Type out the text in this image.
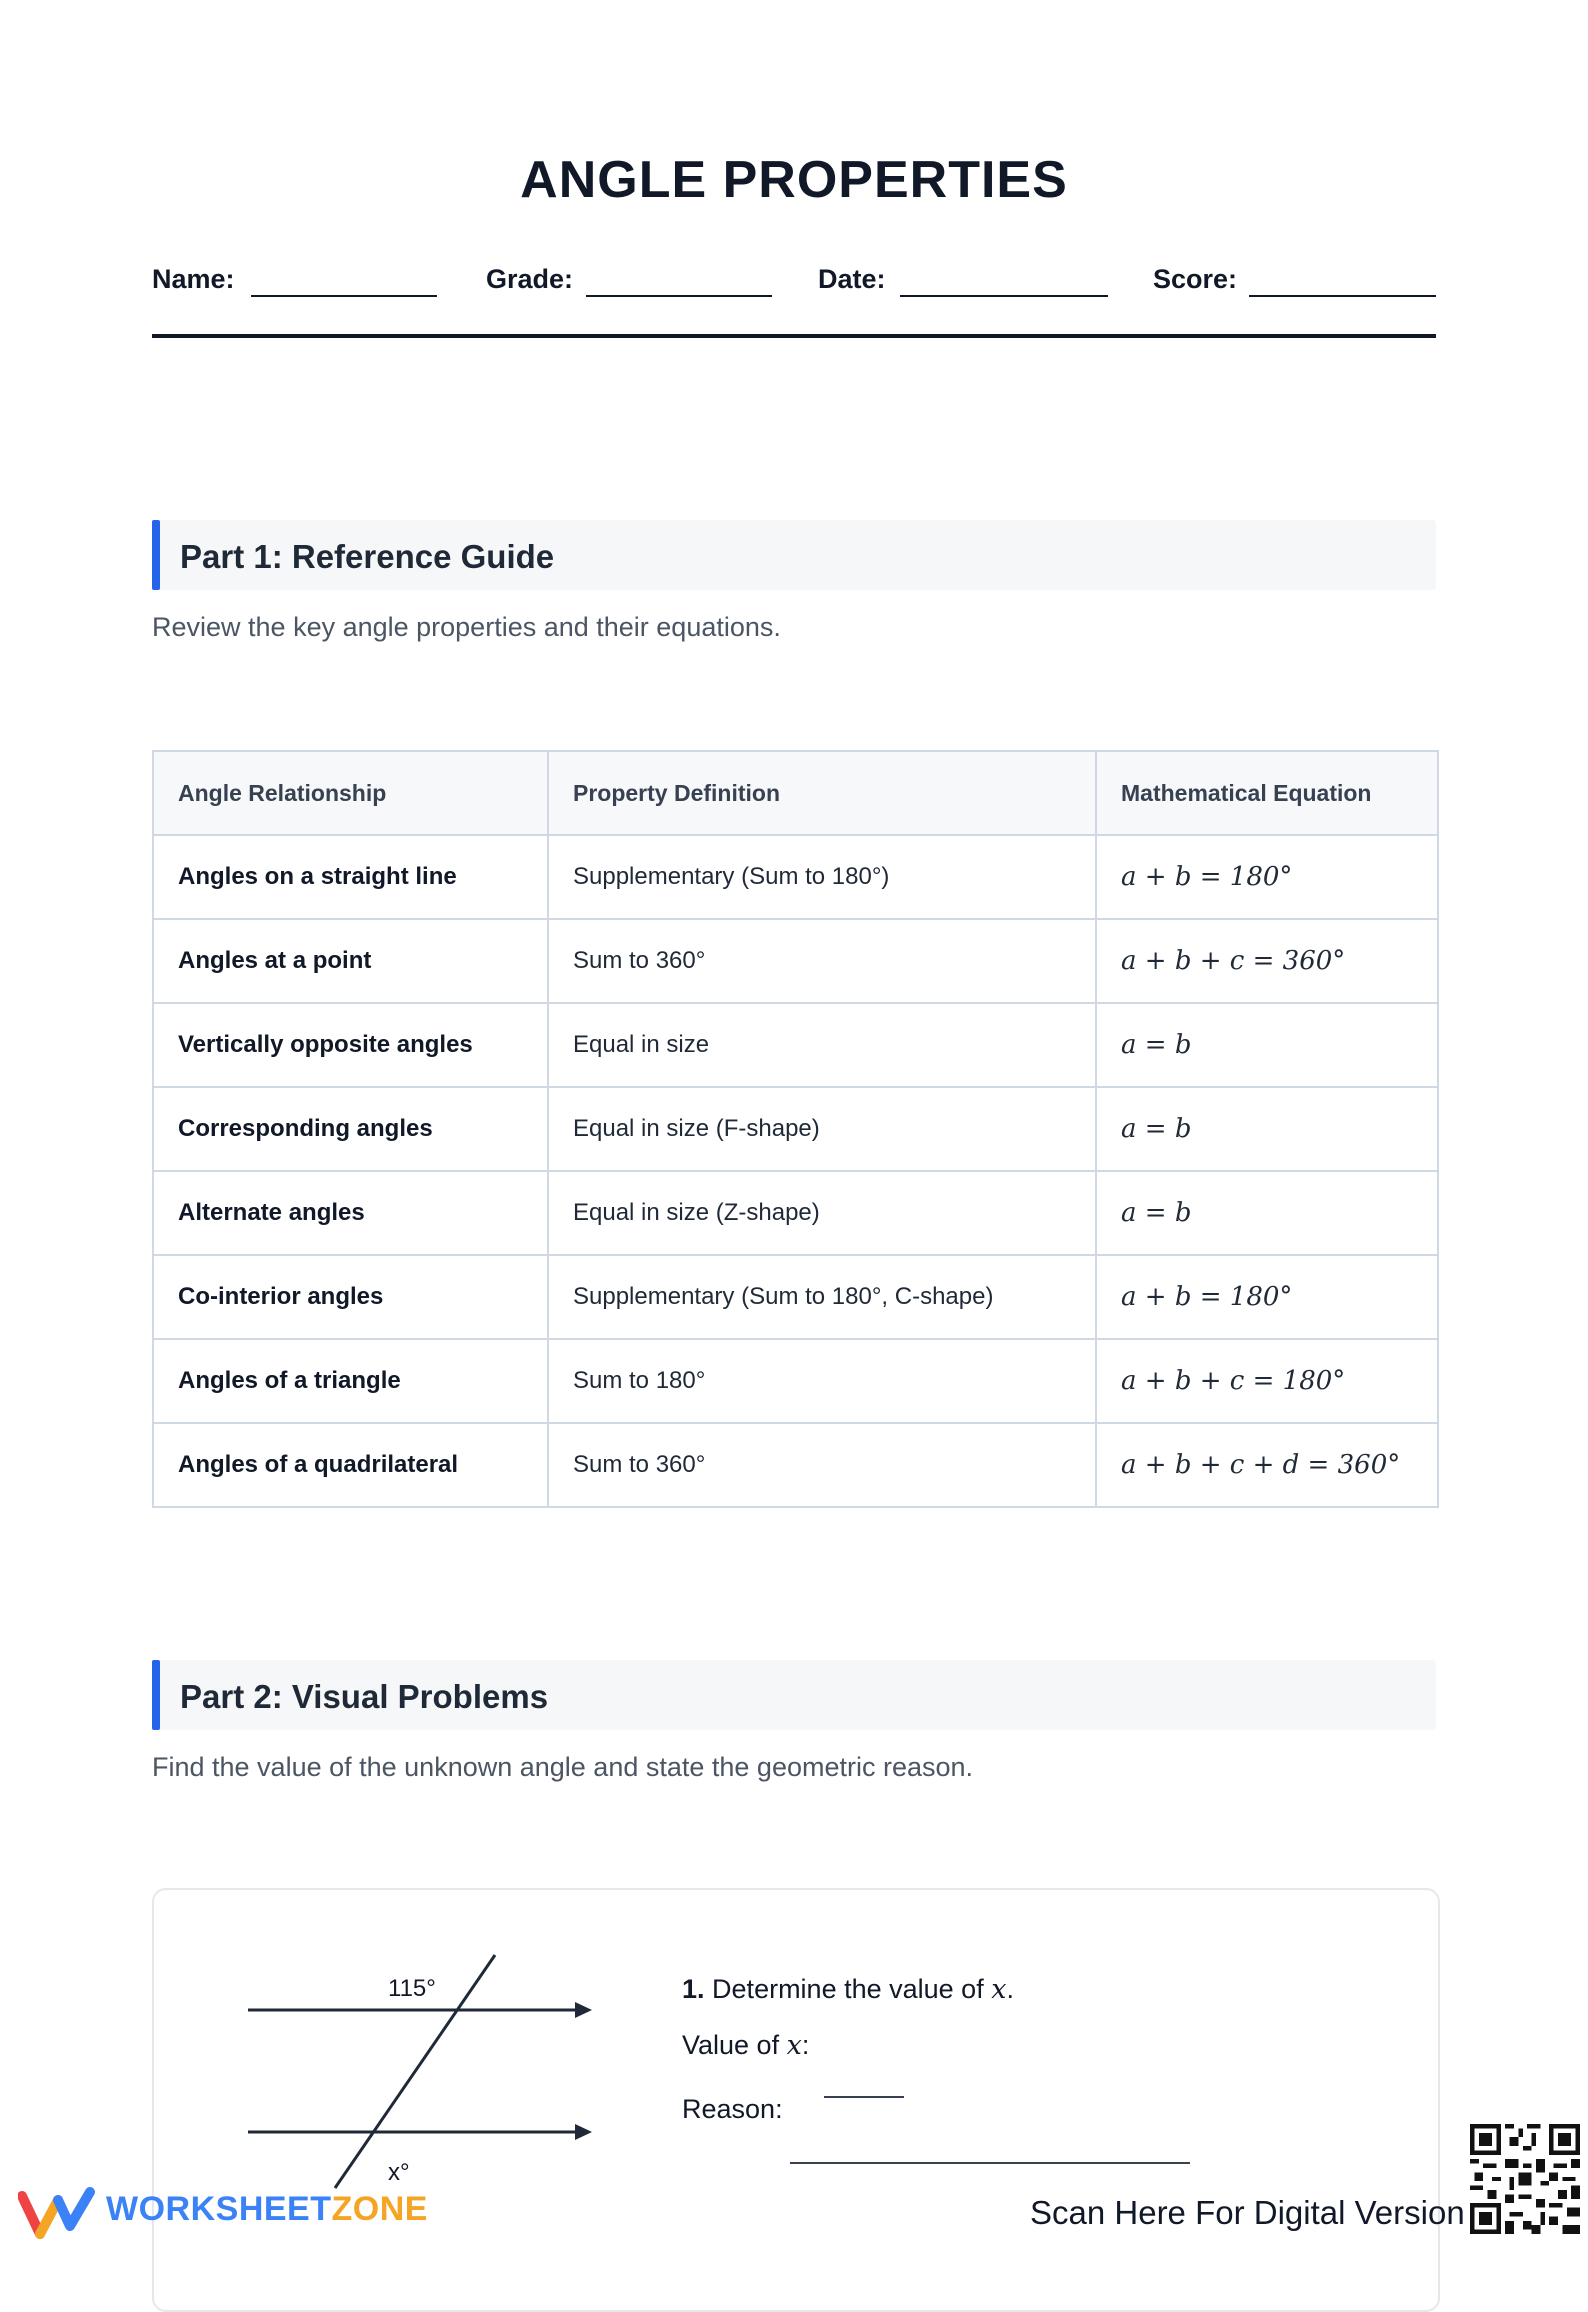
ANGLE PROPERTIES
Name:	Grade:	Date:	Score:
Part 1: Reference Guide
Review the key angle properties and their equations.
Angle Relationship	Property Definition	Mathematical Equation
Angles on a straight line	Supplementary (Sum to 180°)	a + b = 180°
Angles at a point	Sum to 360°	a + b + c = 360°
Vertically opposite angles	Equal in size	a = b
Corresponding angles	Equal in size (F-shape)	a = b
Alternate angles	Equal in size (Z-shape)	a = b
Co-interior angles	Supplementary (Sum to 180°, C-shape)	a + b = 180°
Angles of a triangle	Sum to 180°	a + b + c = 180°
Angles of a quadrilateral	Sum to 360°	a + b + c + d = 360°
Part 2: Visual Problems
Find the value of the unknown angle and state the geometric reason.
115°
x°
1. Determine the value of x.
Value of x:
Reason:
WORKSHEETZONE	Scan Here For Digital Version
